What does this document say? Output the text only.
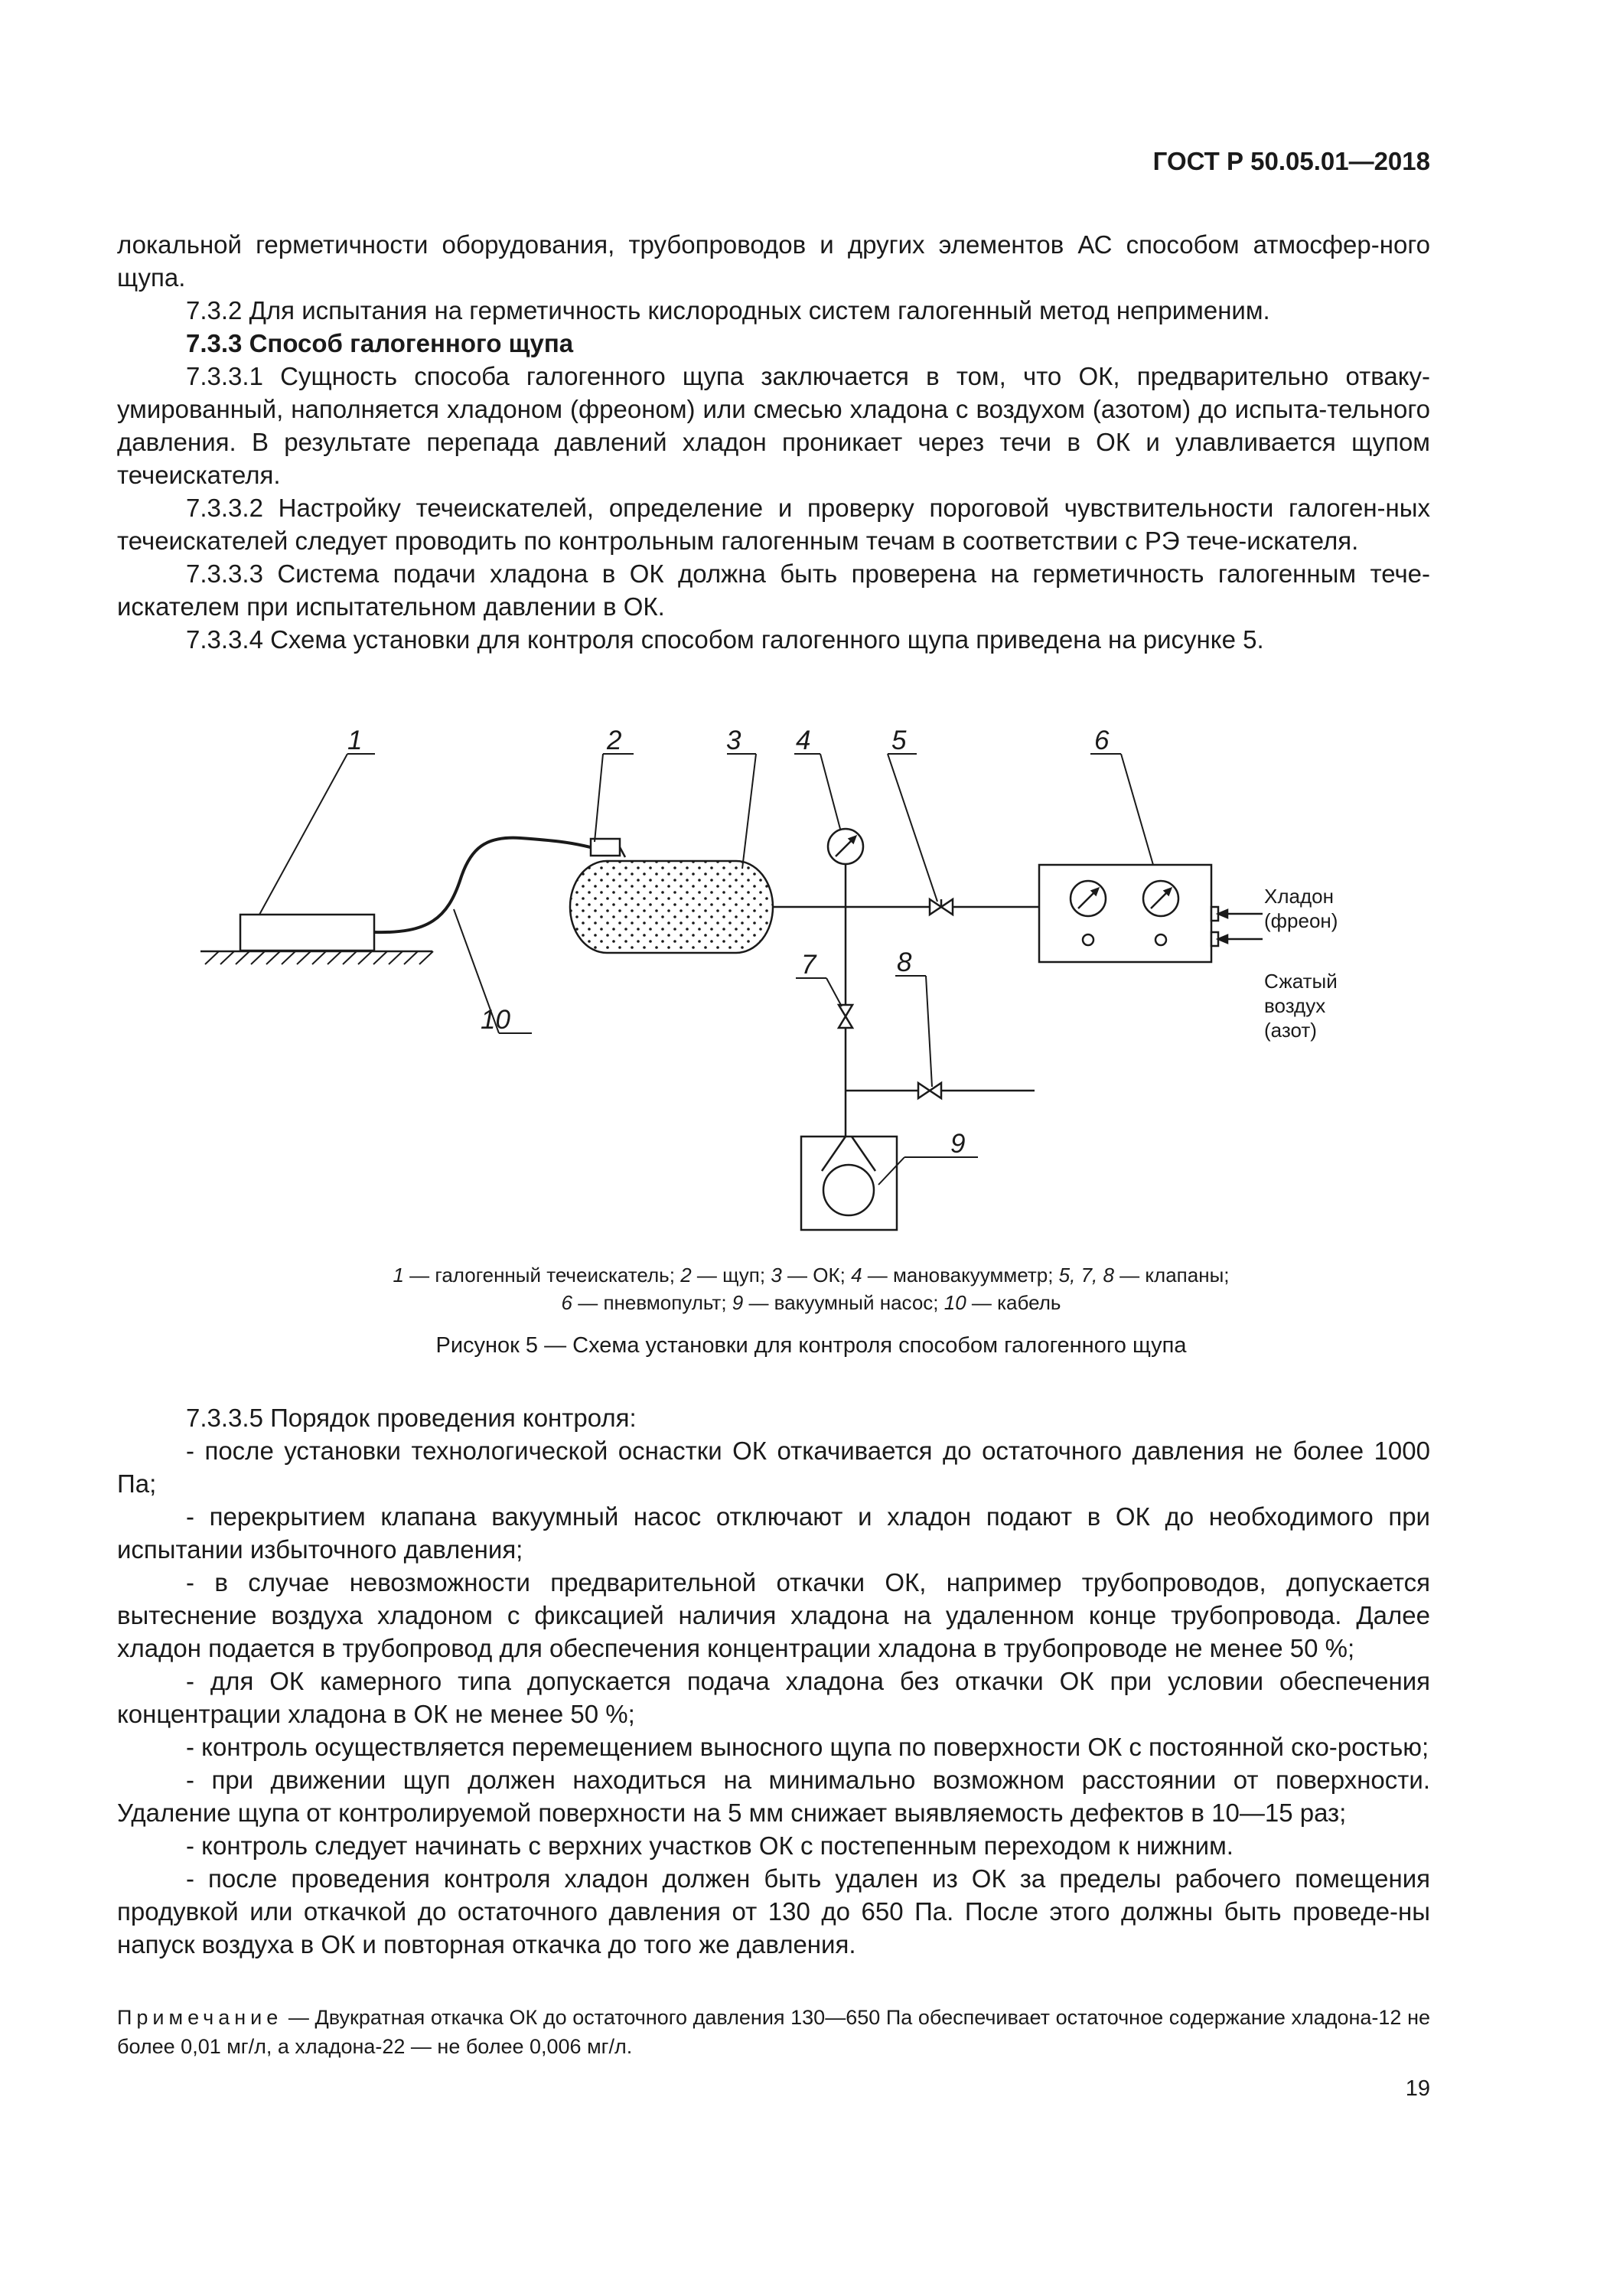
ГОСТ Р 50.05.01—2018

локальной герметичности оборудования, трубопроводов и других элементов АС способом атмосфер-ного щупа.

7.3.2 Для испытания на герметичность кислородных систем галогенный метод неприменим.

7.3.3 Способ галогенного щупа

7.3.3.1 Сущность способа галогенного щупа заключается в том, что ОК, предварительно отваку-умированный, наполняется хладоном (фреоном) или смесью хладона с воздухом (азотом) до испыта-тельного давления. В результате перепада давлений хладон проникает через течи в ОК и улавливается щупом течеискателя.

7.3.3.2 Настройку течеискателей, определение и проверку пороговой чувствительности галоген-ных течеискателей следует проводить по контрольным галогенным течам в соответствии с РЭ тече-искателя.

7.3.3.3 Система подачи хладона в ОК должна быть проверена на герметичность галогенным тече-искателем при испытательном давлении в ОК.

7.3.3.4 Схема установки для контроля способом галогенного щупа приведена на рисунке 5.

1	2	3 4	5	6
7	8
9
10
Хладон
(фреон)
Сжатый
воздух
(азот)
1 — галогенный течеискатель; 2 — щуп; 3 — ОК; 4 — мановакуумметр; 5, 7, 8 — клапаны;
6 — пневмопульт; 9 — вакуумный насос; 10 — кабель
Рисунок 5 — Схема установки для контроля способом галогенного щупа

7.3.3.5 Порядок проведения контроля:

- после установки технологической оснастки ОК откачивается до остаточного давления не более 1000 Па;

- перекрытием клапана вакуумный насос отключают и хладон подают в ОК до необходимого при испытании избыточного давления;

- в случае невозможности предварительной откачки ОК, например трубопроводов, допускается вытеснение воздуха хладоном с фиксацией наличия хладона на удаленном конце трубопровода. Далее хладон подается в трубопровод для обеспечения концентрации хладона в трубопроводе не менее 50 %;

- для ОК камерного типа допускается подача хладона без откачки ОК при условии обеспечения концентрации хладона в ОК не менее 50 %;

- контроль осуществляется перемещением выносного щупа по поверхности ОК с постоянной ско-ростью;

- при движении щуп должен находиться на минимально возможном расстоянии от поверхности. Удаление щупа от контролируемой поверхности на 5 мм снижает выявляемость дефектов в 10—15 раз;

- контроль следует начинать с верхних участков ОК с постепенным переходом к нижним.

- после проведения контроля хладон должен быть удален из ОК за пределы рабочего помещения продувкой или откачкой до остаточного давления от 130 до 650 Па. После этого должны быть проведе-ны напуск воздуха в ОК и повторная откачка до того же давления.

Примечание — Двукратная откачка ОК до остаточного давления 130—650 Па обеспечивает остаточное содержание хладона-12 не более 0,01 мг/л, а хладона-22 — не более 0,006 мг/л.
19
